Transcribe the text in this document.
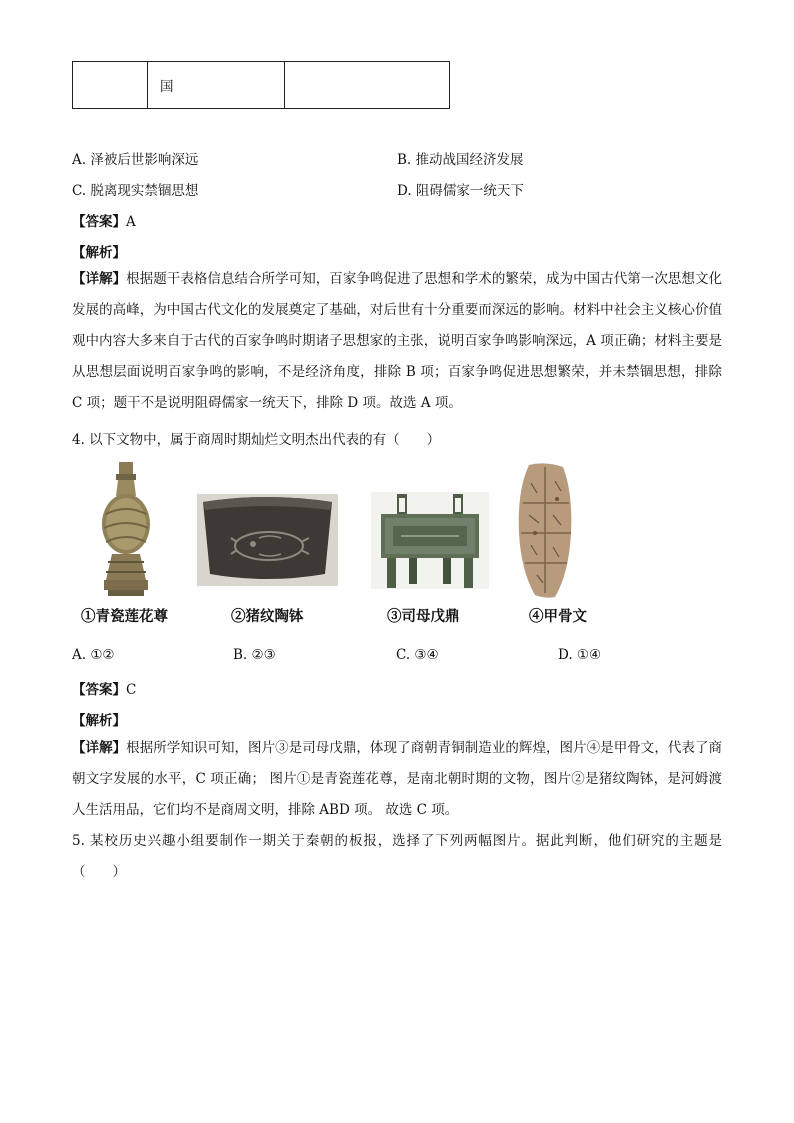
	国	
A. 泽被后世影响深远	B. 推动战国经济发展
C. 脱离现实禁锢思想	D. 阻碍儒家一统天下
【答案】A
【解析】
【详解】根据题干表格信息结合所学可知，百家争鸣促进了思想和学术的繁荣，成为中国古代第一次思想文化发展的高峰，为中国古代文化的发展奠定了基础，对后世有十分重要而深远的影响。材料中社会主义核心价值观中内容大多来自于古代的百家争鸣时期诸子思想家的主张，说明百家争鸣影响深远，A 项正确；材料主要是从思想层面说明百家争鸣的影响，不是经济角度，排除 B 项；百家争鸣促进思想繁荣，并未禁锢思想，排除 C 项；题干不是说明阻碍儒家一统天下，排除 D 项。故选 A 项。
4. 以下文物中，属于商周时期灿烂文明杰出代表的有（　　）
①青瓷莲花尊	②猪纹陶钵	③司母戊鼎	④甲骨文
A. ①②	B. ②③	C. ③④	D. ①④
【答案】C
【解析】
【详解】根据所学知识可知，图片③是司母戊鼎，体现了商朝青铜制造业的辉煌，图片④是甲骨文，代表了商朝文字发展的水平，C 项正确； 图片①是青瓷莲花尊，是南北朝时期的文物，图片②是猪纹陶钵，是河姆渡人生活用品，它们均不是商周文明，排除 ABD 项。 故选 C 项。
5. 某校历史兴趣小组要制作一期关于秦朝的板报，选择了下列两幅图片。据此判断，他们研究的主题是（　　）
